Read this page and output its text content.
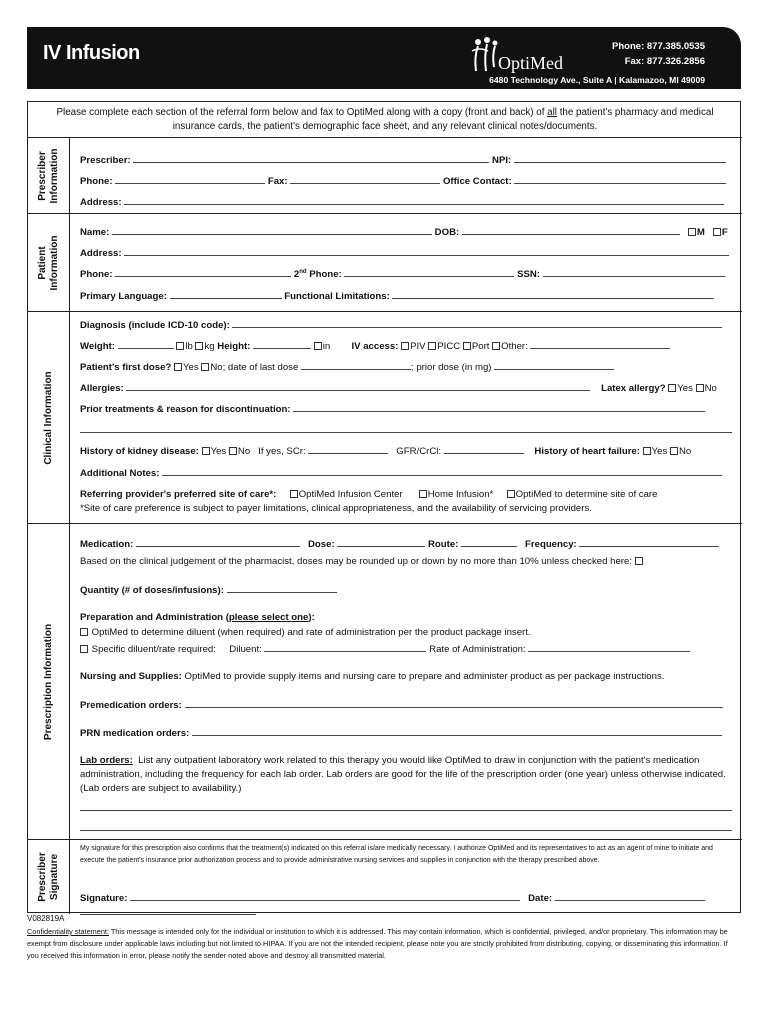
IV Infusion	OptiMed
Phone: 877.385.0535
Fax: 877.326.2856
6480 Technology Ave., Suite A | Kalamazoo, MI 49009
Please complete each section of the referral form below and fax to OptiMed along with a copy (front and back) of all the patient's pharmacy and medical insurance cards, the patient's demographic face sheet, and any relevant clinical notes/documents.
Prescriber Information Prescriber:	NPI:
Phone:	Fax:	Office Contact:
Address:
Patient Information
Name:	DOB:	M F
Address:
Phone:	2nd Phone:	SSN:
Primary Language:	Functional Limitations:
Clinical Information
Diagnosis (include ICD-10 code):
Weight:	lb kg Height:	in IV access: PIV PICC Port Other:
Patient's first dose? Yes No; date of last dose	; prior dose (in mg)
Allergies:	Latex allergy? Yes No
Prior treatments & reason for discontinuation:
History of kidney disease: Yes No If yes, SCr:	GFR/CrCl:	History of heart failure: Yes No
Additional Notes:
Referring provider's preferred site of care*: OptiMed Infusion Center	Home Infusion* OptiMed to determine site of care
*Site of care preference is subject to payer limitations, clinical appropriateness, and the availability of servicing providers.
Prescription Information
Medication:	Dose:	Route:	Frequency:
Based on the clinical judgement of the pharmacist, doses may be rounded up or down by no more than 10% unless checked here:
Quantity (# of doses/infusions):
Preparation and Administration (please select one):
OptiMed to determine diluent (when required) and rate of administration per the product package insert.
Specific diluent/rate required: Diluent:	Rate of Administration:
Nursing and Supplies: OptiMed to provide supply items and nursing care to prepare and administer product as per package instructions.
Premedication orders:
PRN medication orders:
Lab orders: List any outpatient laboratory work related to this therapy you would like OptiMed to draw in conjunction with the patient's medication administration, including the frequency for each lab order. Lab orders are good for the life of the prescription order (one year) unless otherwise indicated. (Lab orders are subject to availability.)
Prescriber Signature
My signature for this prescription also confirms that the treatment(s) indicated on this referral is/are medically necessary. I authorize OptiMed and its representatives to act as an agent of mine to initiate and execute the patient's insurance prior authorization process and to provide administrative nursing services and supplies in conjunction with the therapy prescribed above.
Signature:	Date:
V082819A
Confidentiality statement: This message is intended only for the individual or institution to which it is addressed. This may contain information, which is confidential, privileged, and/or proprietary. This information may be exempt from disclosure under applicable laws including but not limited to HIPAA. If you are not the intended recipient, please note you are strictly prohibited from distributing, copying, or disseminating this information. If you received this information in error, please notify the sender noted above and destroy all transmitted material.
